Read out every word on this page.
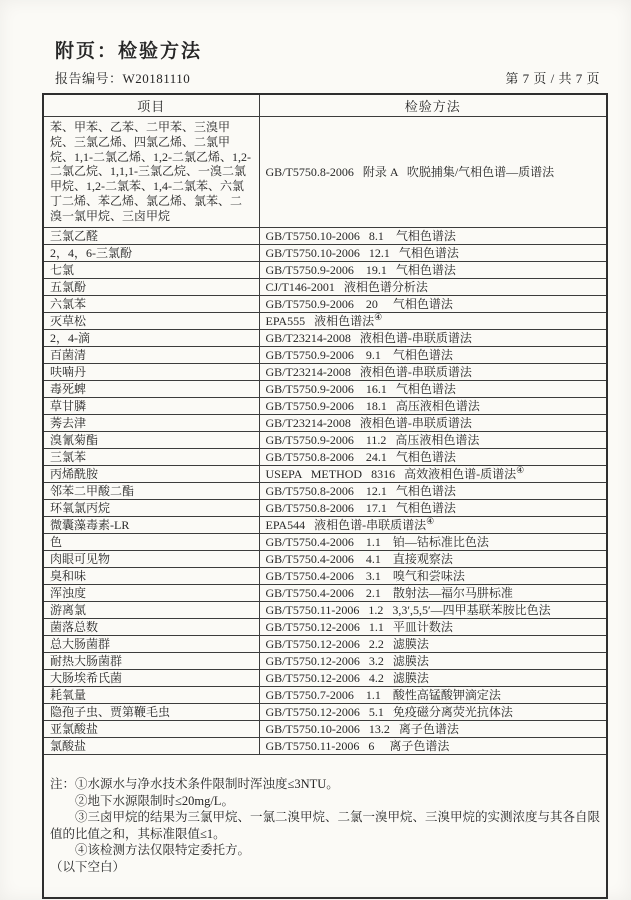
附页：检验方法
报告编号：W20181110	第 7 页 / 共 7 页
项目	检验方法
苯、甲苯、乙苯、二甲苯、三溴甲烷、三氯乙烯、四氯乙烯、二氯甲烷、1,1-二氯乙烯、1,2-二氯乙烯、1,2-二氯乙烷、1,1,1-三氯乙烷、一溴二氯甲烷、1,2-二氯苯、1,4-二氯苯、六氯丁二烯、苯乙烯、氯乙烯、氯苯、二溴一氯甲烷、三卤甲烷	GB/T5750.8-2006   附录 A   吹脱捕集/气相色谱—质谱法
三氯乙醛	GB/T5750.10-2006   8.1    气相色谱法
2，4，6-三氯酚	GB/T5750.10-2006   12.1   气相色谱法
七氯	GB/T5750.9-2006    19.1   气相色谱法
五氯酚	CJ/T146-2001   液相色谱分析法
六氯苯	GB/T5750.9-2006    20     气相色谱法
灭草松	EPA555   液相色谱法④
2，4-滴	GB/T23214-2008   液相色谱-串联质谱法
百菌清	GB/T5750.9-2006    9.1    气相色谱法
呋喃丹	GB/T23214-2008   液相色谱-串联质谱法
毒死蜱	GB/T5750.9-2006    16.1   气相色谱法
草甘膦	GB/T5750.9-2006    18.1   高压液相色谱法
莠去津	GB/T23214-2008   液相色谱-串联质谱法
溴氰菊酯	GB/T5750.9-2006    11.2   高压液相色谱法
三氯苯	GB/T5750.8-2006    24.1   气相色谱法
丙烯酰胺	USEPA   METHOD   8316   高效液相色谱-质谱法④
邻苯二甲酸二酯	GB/T5750.8-2006    12.1   气相色谱法
环氧氯丙烷	GB/T5750.8-2006    17.1   气相色谱法
微囊藻毒素-LR	EPA544   液相色谱-串联质谱法④
色	GB/T5750.4-2006    1.1    铂—钴标准比色法
肉眼可见物	GB/T5750.4-2006    4.1    直接观察法
臭和味	GB/T5750.4-2006    3.1    嗅气和尝味法
浑浊度	GB/T5750.4-2006    2.1    散射法—福尔马肼标准
游离氯	GB/T5750.11-2006   1.2   3,3′,5,5′—四甲基联苯胺比色法
菌落总数	GB/T5750.12-2006   1.1   平皿计数法
总大肠菌群	GB/T5750.12-2006   2.2   滤膜法
耐热大肠菌群	GB/T5750.12-2006   3.2   滤膜法
大肠埃希氏菌	GB/T5750.12-2006   4.2   滤膜法
耗氧量	GB/T5750.7-2006    1.1    酸性高锰酸钾滴定法
隐孢子虫、贾第鞭毛虫	GB/T5750.12-2006   5.1   免疫磁分离荧光抗体法
亚氯酸盐	GB/T5750.10-2006   13.2   离子色谱法
氯酸盐	GB/T5750.11-2006   6     离子色谱法

注：①水源水与净水技术条件限制时浑浊度≤3NTU。
②地下水源限制时≤20mg/L。
③三卤甲烷的结果为三氯甲烷、一氯二溴甲烷、二氯一溴甲烷、三溴甲烷的实测浓度与其各自限值的比值之和，其标准限值≤1。
④该检测方法仅限特定委托方。
（以下空白）	
